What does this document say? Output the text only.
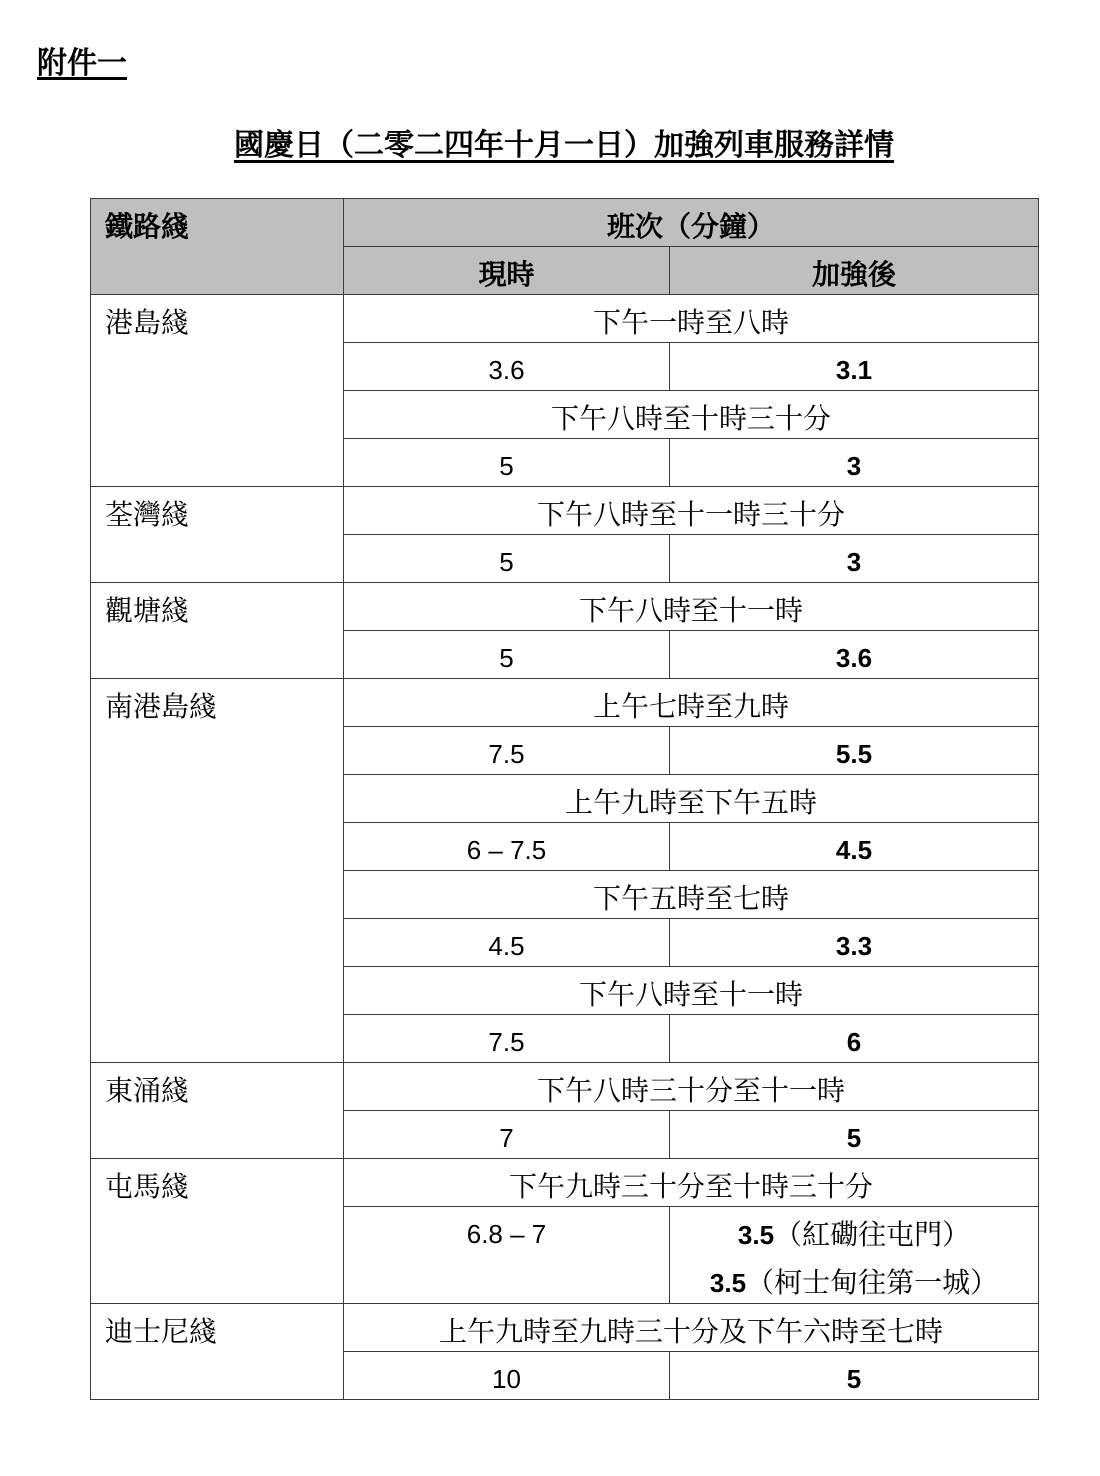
附件一
國慶日（二零二四年十月一日）加強列車服務詳情
鐵路綫	班次（分鐘）	
	現時	加強後
港島綫	下午一時至八時	
	3.6	3.1
	下午八時至十時三十分	
	5	3
荃灣綫	下午八時至十一時三十分	
	5	3
觀塘綫	下午八時至十一時	
	5	3.6
南港島綫	上午七時至九時	
	7.5	5.5
	上午九時至下午五時	
	6 – 7.5	4.5
	下午五時至七時	
	4.5	3.3
	下午八時至十一時	
	7.5	6
東涌綫	下午八時三十分至十一時	
	7	5
屯馬綫	下午九時三十分至十時三十分	
	6.8 – 7	3.5（紅磡往屯門）
3.5（柯士甸往第一城）

迪士尼綫	上午九時至九時三十分及下午六時至七時	
	10	5
